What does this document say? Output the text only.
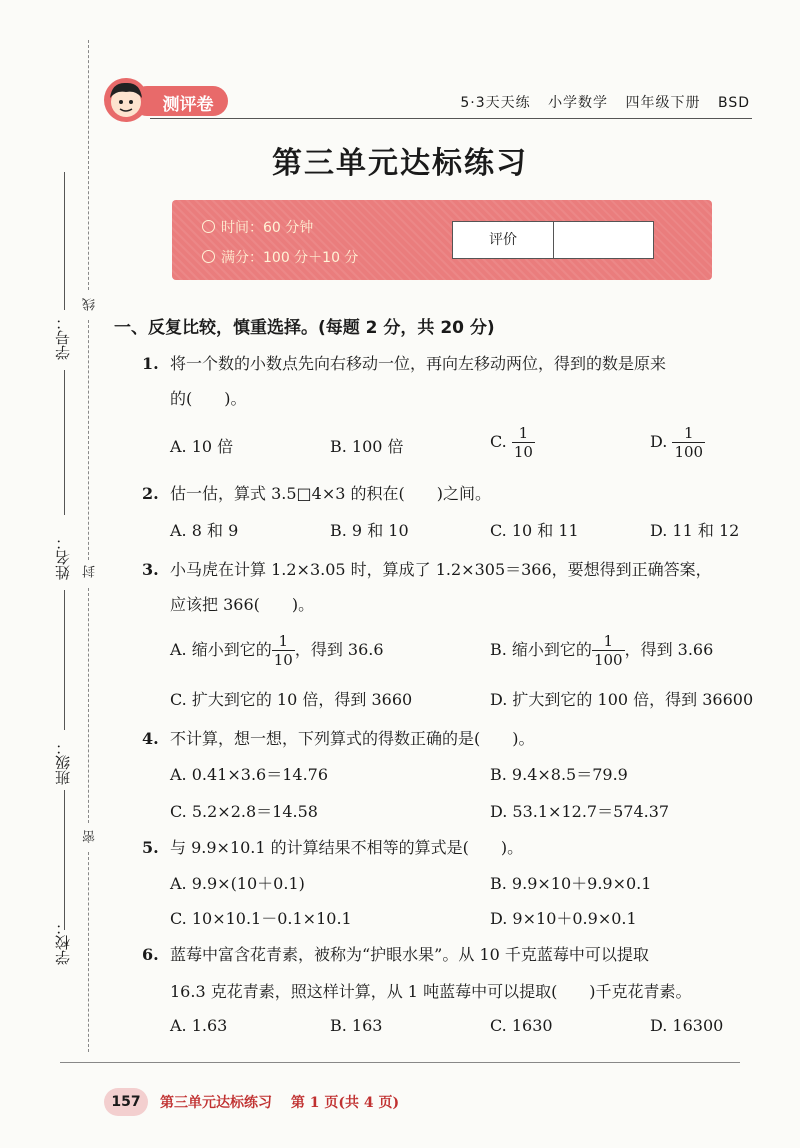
测评卷	5·3天天练 小学数学 四年级下册 BSD
第三单元达标练习
时间：60 分钟
满分：100 分＋10 分
评价
学号：
姓名：
班级：
学校：
线
封
密
一、反复比较，慎重选择。(每题 2 分，共 20 分)
1. 将一个数的小数点先向右移动一位，再向左移动两位，得到的数是原来
的(　　)。
A. 10 倍	B. 100 倍	C. $\frac{1}{10}$	D. $\frac{1}{100}$
2. 估一估，算式 3.5□4×3 的积在(　　)之间。
A. 8 和 9	B. 9 和 10	C. 10 和 11	D. 11 和 12
3. 小马虎在计算 1.2×3.05 时，算成了 1.2×305＝366，要想得到正确答案，
应该把 366(　　)。
A. 缩小到它的 $\frac{1}{10}$ ，得到 36.6	B. 缩小到它的 $\frac{1}{100}$ ，得到 3.66
C. 扩大到它的 10 倍，得到 3660	D. 扩大到它的 100 倍，得到 36600
4. 不计算，想一想，下列算式的得数正确的是(　　)。
A. 0.41×3.6＝14.76	B. 9.4×8.5＝79.9
C. 5.2×2.8＝14.58	D. 53.1×12.7＝574.37
5. 与 9.9×10.1 的计算结果不相等的算式是(　　)。
A. 9.9×(10＋0.1)	B. 9.9×10＋9.9×0.1
C. 10×10.1－0.1×10.1	D. 9×10＋0.9×0.1
6. 蓝莓中富含花青素，被称为“护眼水果”。从 10 千克蓝莓中可以提取
16.3 克花青素，照这样计算，从 1 吨蓝莓中可以提取(　　)千克花青素。
A. 1.63	B. 163	C. 1630	D. 16300
157	第三单元达标练习 第 1 页(共 4 页)
